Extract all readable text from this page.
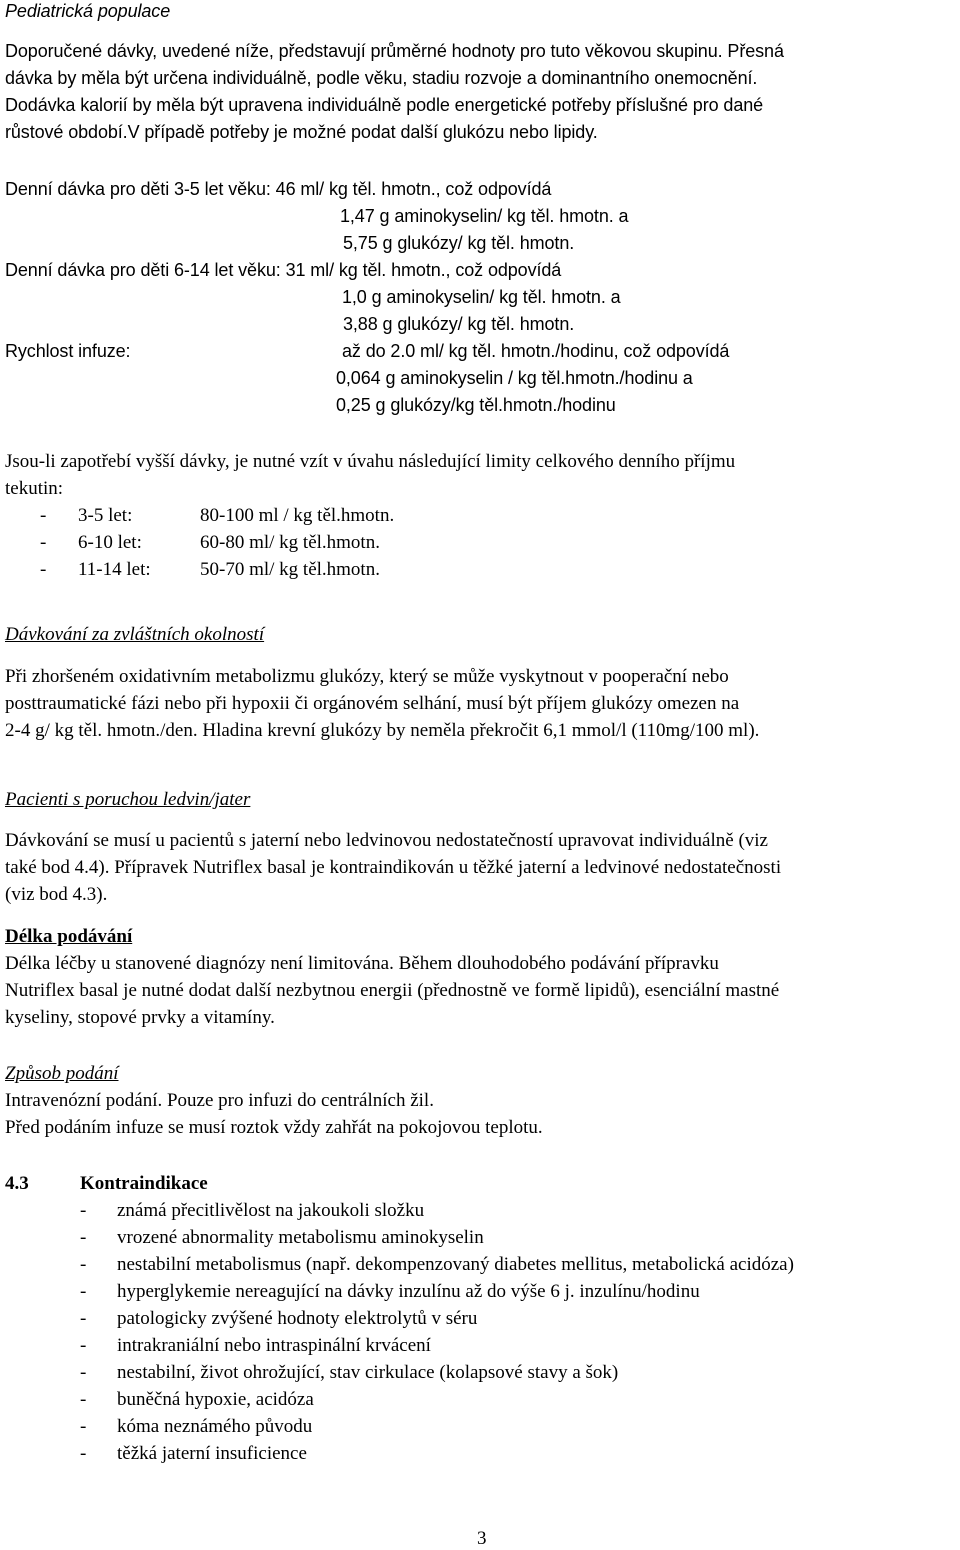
Pediatrická populace
Doporučené dávky, uvedené níže, představují průměrné hodnoty pro tuto věkovou skupinu. Přesná
dávka by měla být určena individuálně, podle věku, stadiu rozvoje a dominantního onemocnění.
Dodávka kalorií by měla být upravena individuálně podle energetické potřeby příslušné pro dané
růstové období.V případě potřeby je možné podat další glukózu nebo lipidy.
Denní dávka pro děti 3-5 let věku: 46 ml/ kg těl. hmotn., což odpovídá
1,47 g aminokyselin/ kg těl. hmotn. a
5,75 g glukózy/ kg těl. hmotn.
Denní dávka pro děti 6-14 let věku: 31 ml/ kg těl. hmotn., což odpovídá
1,0 g aminokyselin/ kg těl. hmotn. a
3,88 g glukózy/ kg těl. hmotn.
Rychlost infuze:	až do 2.0 ml/ kg těl. hmotn./hodinu, což odpovídá
0,064 g aminokyselin / kg těl.hmotn./hodinu a
0,25 g glukózy/kg těl.hmotn./hodinu
Jsou-li zapotřebí vyšší dávky, je nutné vzít v úvahu následující limity celkového denního příjmu
tekutin:
- 3-5 let:	80-100 ml / kg těl.hmotn.
- 6-10 let:	60-80 ml/ kg těl.hmotn.
- 11-14 let:	50-70 ml/ kg těl.hmotn.
Dávkování za zvláštních okolností
Při zhoršeném oxidativním metabolizmu glukózy, který se může vyskytnout v pooperační nebo
posttraumatické fázi nebo při hypoxii či orgánovém selhání, musí být příjem glukózy omezen na
2-4 g/ kg těl. hmotn./den. Hladina krevní glukózy by neměla překročit 6,1 mmol/l (110mg/100 ml).
Pacienti s poruchou ledvin/jater
Dávkování se musí u pacientů s jaterní nebo ledvinovou nedostatečností upravovat individuálně (viz
také bod 4.4). Přípravek Nutriflex basal je kontraindikován u těžké jaterní a ledvinové nedostatečnosti
(viz bod 4.3).
Délka podávání
Délka léčby u stanovené diagnózy není limitována. Během dlouhodobého podávání přípravku
Nutriflex basal je nutné dodat další nezbytnou energii (přednostně ve formě lipidů), esenciální mastné
kyseliny, stopové prvky a vitamíny.
Způsob podání
Intravenózní podání. Pouze pro infuzi do centrálních žil.
Před podáním infuze se musí roztok vždy zahřát na pokojovou teplotu.
4.3	Kontraindikace
- známá přecitlivělost na jakoukoli složku
- vrozené abnormality metabolismu aminokyselin
- nestabilní metabolismus (např. dekompenzovaný diabetes mellitus, metabolická acidóza)
- hyperglykemie nereagující na dávky inzulínu až do výše 6 j. inzulínu/hodinu
- patologicky zvýšené hodnoty elektrolytů v séru
- intrakraniální nebo intraspinální krvácení
- nestabilní, život ohrožující, stav cirkulace (kolapsové stavy a šok)
- buněčná hypoxie, acidóza
- kóma neznámého původu
- těžká jaterní insuficience
3
